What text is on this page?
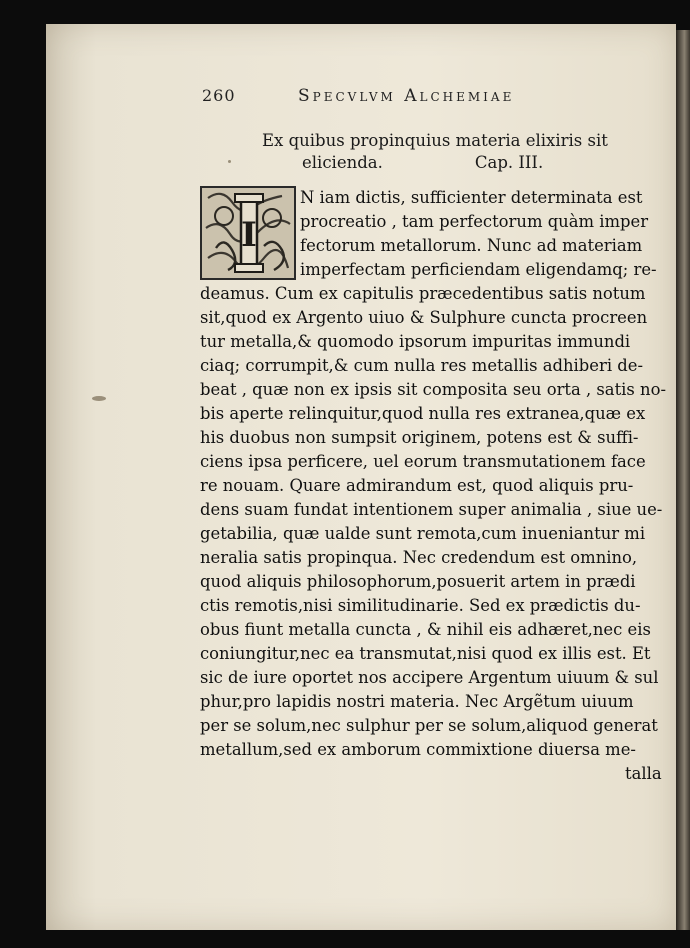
260	Specvlvm Alchemiae
Ex quibus propinquius materia elixiris sit
elicienda.	Cap. III.
I
N iam dictis, sufficienter determinata est
procreatio , tam perfectorum quàm imper
fectorum metallorum. Nunc ad materiam
imperfectam perficiendam eligendamq; re-
deamus. Cum ex capitulis præcedentibus satis notum
sit,quod ex Argento uiuo & Sulphure cuncta procreen
tur metalla,& quomodo ipsorum impuritas immundi
ciaq; corrumpit,& cum nulla res metallis adhiberi de-
beat , quæ non ex ipsis sit composita seu orta , satis no-
bis aperte relinquitur,quod nulla res extranea,quæ ex
his duobus non sumpsit originem, potens est & suffi-
ciens ipsa perficere, uel eorum transmutationem face
re nouam. Quare admirandum est, quod aliquis pru-
dens suam fundat intentionem super animalia , siue ue-
getabilia, quæ ualde sunt remota,cum inueniantur mi
neralia satis propinqua. Nec credendum est omnino,
quod aliquis philosophorum,posuerit artem in prædi
ctis remotis,nisi similitudinarie. Sed ex prædictis du-
obus fiunt metalla cuncta , & nihil eis adhæret,nec eis
coniungitur,nec ea transmutat,nisi quod ex illis est. Et
sic de iure oportet nos accipere Argentum uiuum & sul
phur,pro lapidis nostri materia. Nec Argẽtum uiuum
per se solum,nec sulphur per se solum,aliquod generat
metallum,sed ex amborum commixtione diuersa me-
talla
